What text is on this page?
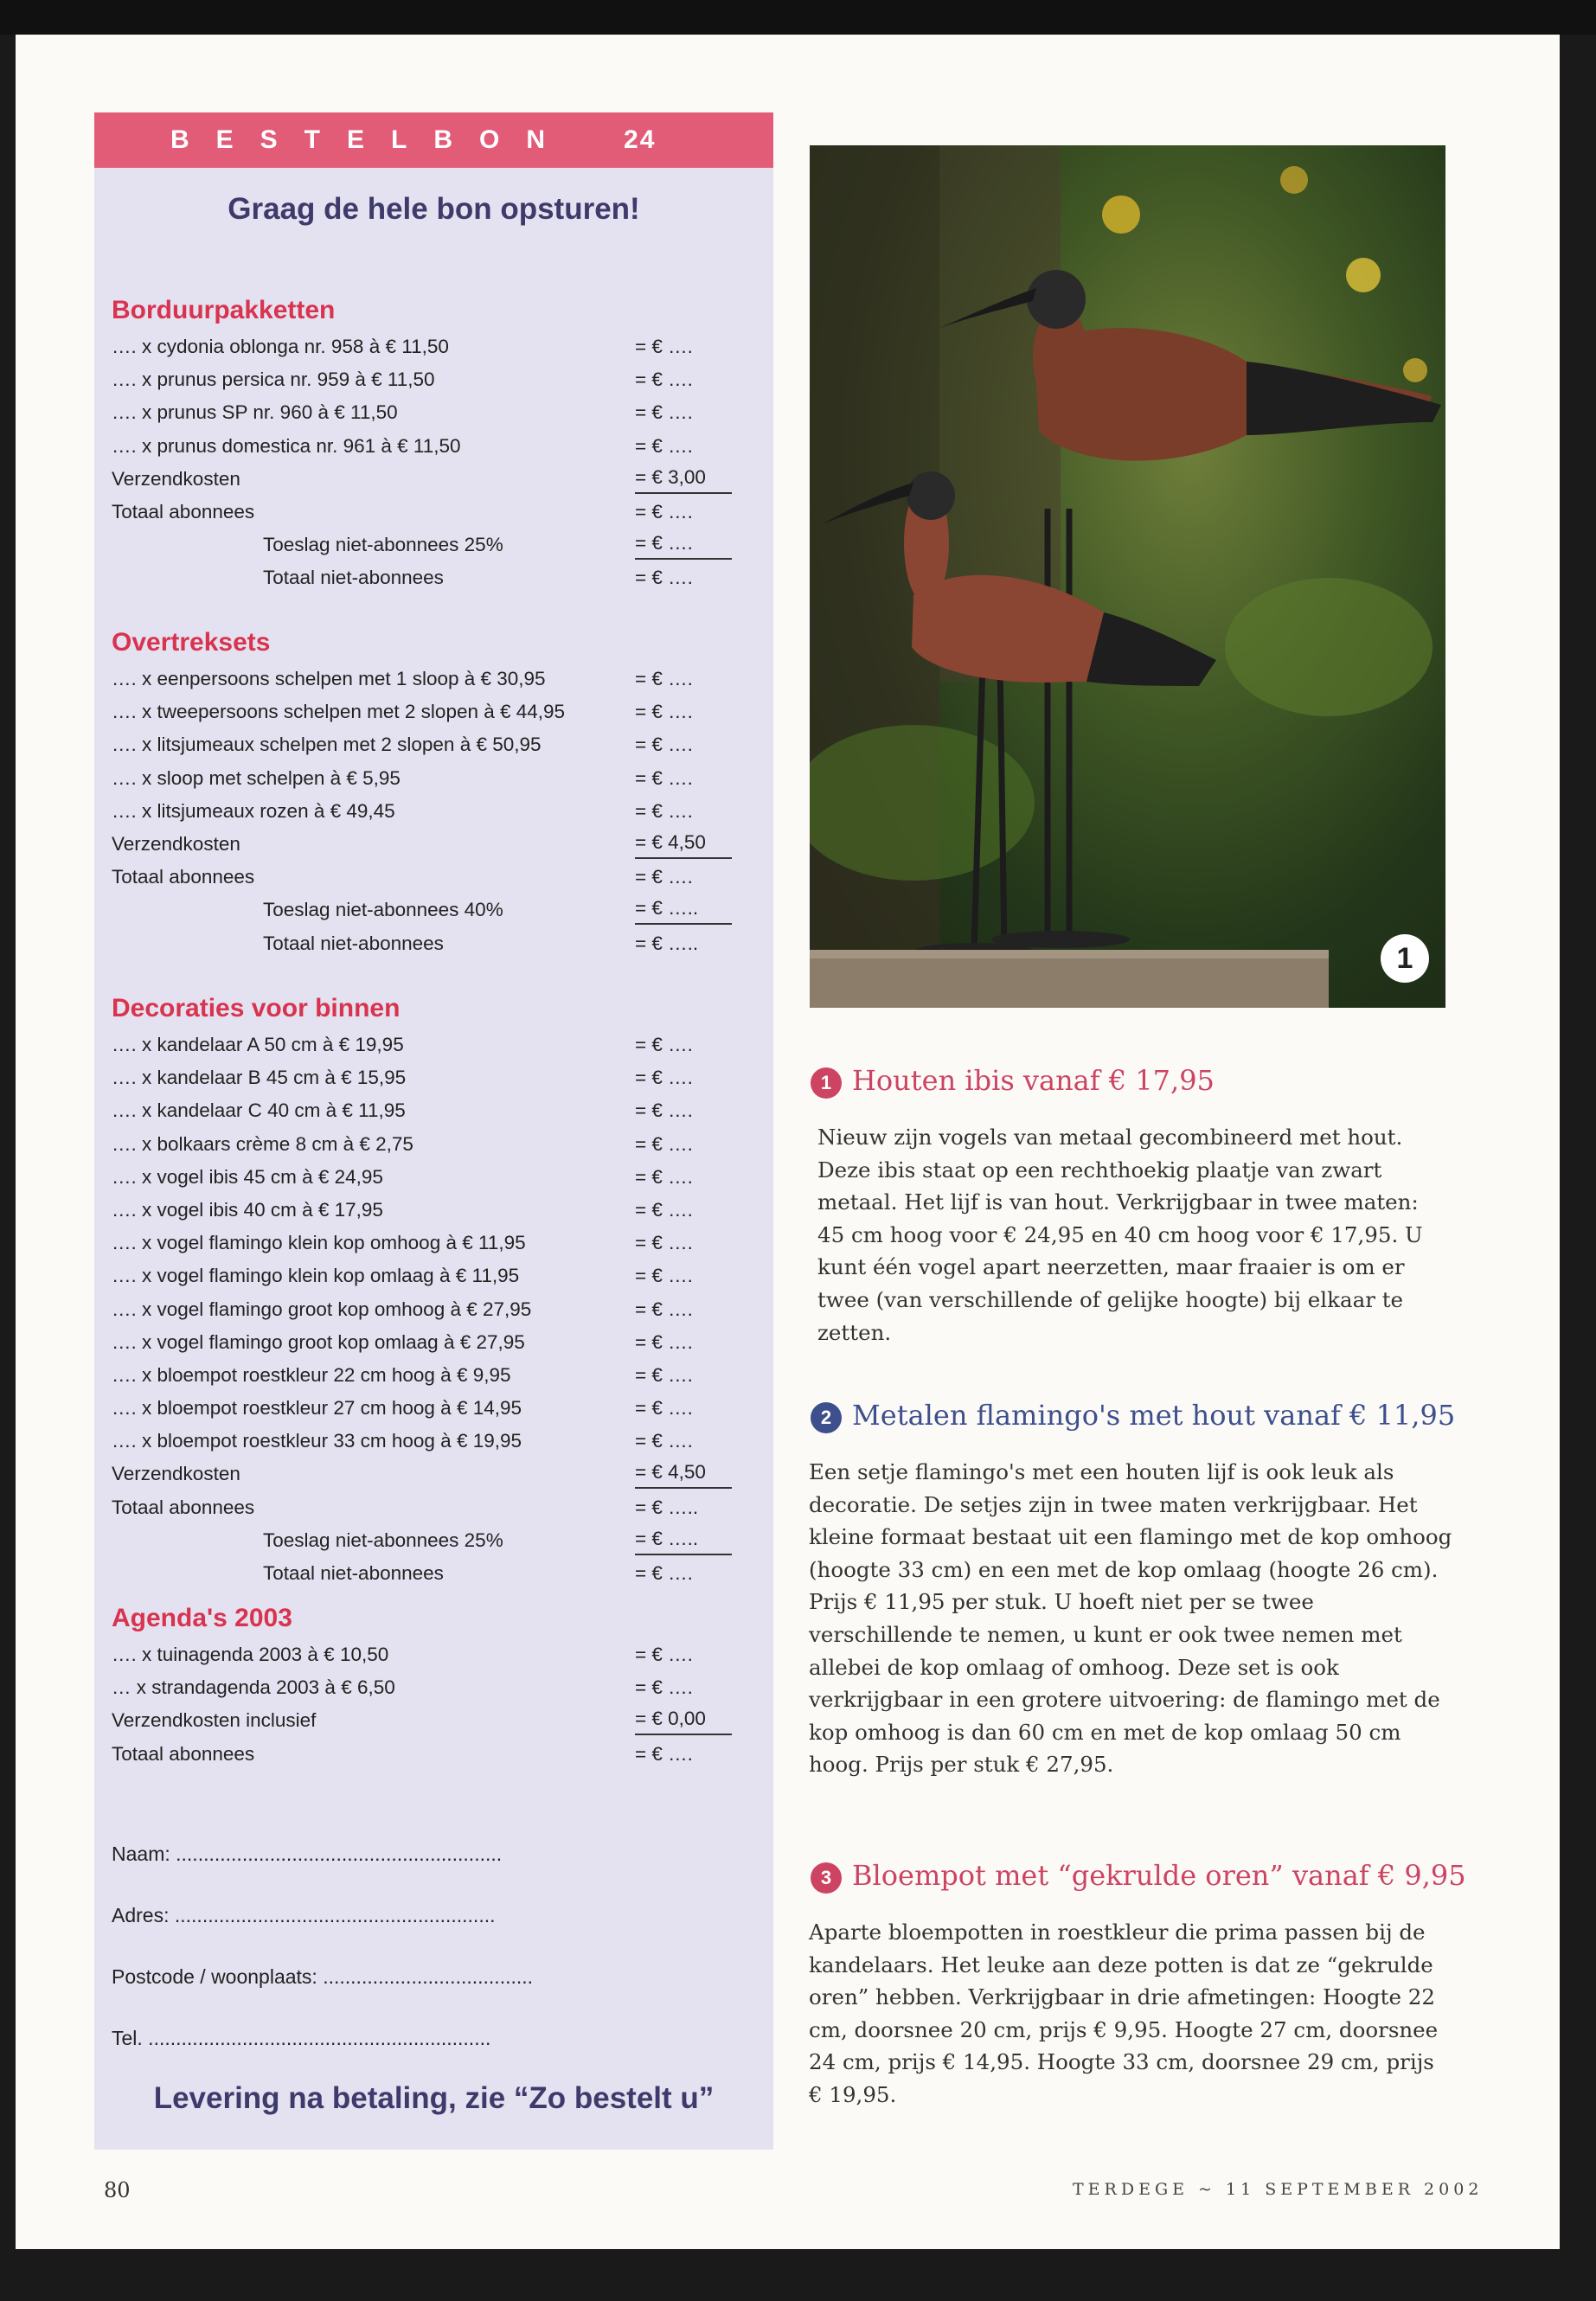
BESTELBON 24
Graag de hele bon opsturen!
Borduurpakketten
…. x cydonia oblonga nr. 958 à € 11,50	= € ….
…. x prunus persica nr. 959 à € 11,50	= € ….
…. x prunus SP nr. 960 à € 11,50	= € ….
…. x prunus domestica nr. 961 à € 11,50	= € ….
Verzendkosten	= € 3,00
Totaal abonnees	= € ….
Toeslag niet-abonnees 25%	= € ….
Totaal niet-abonnees	= € ….
Overtreksets
…. x eenpersoons schelpen met 1 sloop à € 30,95	= € ….
…. x tweepersoons schelpen met 2 slopen à € 44,95	= € ….
…. x litsjumeaux schelpen met 2 slopen à € 50,95	= € ….
…. x sloop met schelpen à € 5,95	= € ….
…. x litsjumeaux rozen à € 49,45	= € ….
Verzendkosten	= € 4,50
Totaal abonnees	= € ….
Toeslag niet-abonnees 40%	= € …..
Totaal niet-abonnees	= € …..
Decoraties voor binnen
…. x kandelaar A 50 cm à € 19,95	= € ….
…. x kandelaar B 45 cm à € 15,95	= € ….
…. x kandelaar C 40 cm à € 11,95	= € ….
…. x bolkaars crème 8 cm à € 2,75	= € ….
…. x vogel ibis 45 cm à € 24,95	= € ….
…. x vogel ibis 40 cm à € 17,95	= € ….
…. x vogel flamingo klein kop omhoog à € 11,95	= € ….
…. x vogel flamingo klein kop omlaag à € 11,95	= € ….
…. x vogel flamingo groot kop omhoog à € 27,95	= € ….
…. x vogel flamingo groot kop omlaag à € 27,95	= € ….
…. x bloempot roestkleur 22 cm hoog à € 9,95	= € ….
…. x bloempot roestkleur 27 cm hoog à € 14,95	= € ….
…. x bloempot roestkleur 33 cm hoog à € 19,95	= € ….
Verzendkosten	= € 4,50
Totaal abonnees	= € …..
Toeslag niet-abonnees 25%	= € …..
Totaal niet-abonnees	= € ….
Agenda's 2003
…. x tuinagenda 2003 à € 10,50	= € ….
… x strandagenda 2003 à € 6,50	= € ….
Verzendkosten inclusief	= € 0,00
Totaal abonnees	= € ….
Naam: ...........................................................
Adres: ..........................................................
Postcode / woonplaats: ......................................
Tel. ..............................................................
Levering na betaling, zie “Zo bestelt u”
1
1 Houten ibis vanaf € 17,95

Nieuw zijn vogels van metaal gecombineerd met hout. Deze ibis staat op een rechthoekig plaatje van zwart metaal. Het lijf is van hout. Verkrijgbaar in twee maten: 45 cm hoog voor € 24,95 en 40 cm hoog voor € 17,95. U kunt één vogel apart neerzetten, maar fraaier is om er twee (van verschillende of gelijke hoogte) bij elkaar te zetten.

2 Metalen flamingo's met hout vanaf € 11,95

Een setje flamingo's met een houten lijf is ook leuk als decoratie. De setjes zijn in twee maten verkrijgbaar. Het kleine formaat bestaat uit een flamingo met de kop omhoog (hoogte 33 cm) en een met de kop omlaag (hoogte 26 cm). Prijs € 11,95 per stuk. U hoeft niet per se twee verschillende te nemen, u kunt er ook twee nemen met allebei de kop omlaag of omhoog. Deze set is ook verkrijgbaar in een grotere uitvoering: de flamingo met de kop omhoog is dan 60 cm en met de kop omlaag 50 cm hoog. Prijs per stuk € 27,95.

3 Bloempot met “gekrulde oren” vanaf € 9,95

Aparte bloempotten in roestkleur die prima passen bij de kandelaars. Het leuke aan deze potten is dat ze “gekrulde oren” hebben. Verkrijgbaar in drie afmetingen: Hoogte 22 cm, doorsnee 20 cm, prijs € 9,95. Hoogte 27 cm, doorsnee 24 cm, prijs € 14,95. Hoogte 33 cm, doorsnee 29 cm, prijs € 19,95.

80	TERDEGE ~ 11 SEPTEMBER 2002
